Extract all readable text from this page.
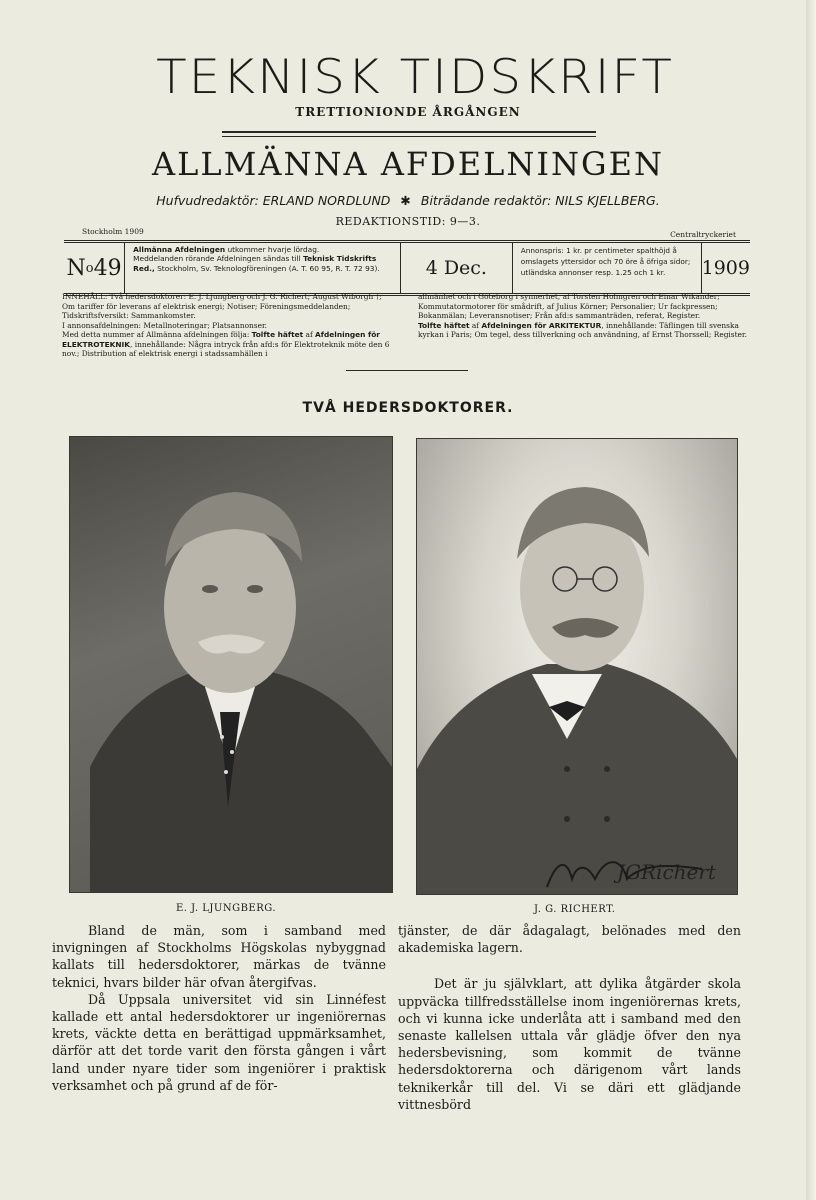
TEKNISK TIDSKRIFT
TRETTIONIONDE ÅRGÅNGEN
ALLMÄNNA AFDELNINGEN
Hufvudredaktör: ERLAND NORDLUND ✱ Biträdande redaktör: NILS KJELLBERG.
REDAKTIONSTID: 9—3.
Stockholm 1909	Centraltryckeriet
N o 49
Allmänna Afdelningen utkommer hvarje lördag.
Meddelanden rörande Afdelningen sändas till Teknisk Tidskrifts Red., Stockholm, Sv. Teknologföreningen (A. T. 60 95, R. T. 72 93).	4 Dec.
Annonspris: 1 kr. pr centimeter spalthöjd å omslagets yttersidor och 70 öre å öfriga sidor; utländska annonser resp. 1.25 och 1 kr.	1909
INNEHÅLL: Två hedersdoktorer: E. J. Ljungberg och J. G. Richert; August Wiborgh †; Om tariffer för leverans af elektrisk energi; Notiser; Föreningsmeddelanden; Tidskriftsfversikt: Sammankomster.
I annonsafdelningen: Metallnoteringar; Platsannonser.
Med detta nummer af Allmänna afdelningen följa: Tolfte häftet af Afdelningen för ELEKTROTEKNIK, innehållande: Några intryck från afd:s för Elektroteknik möte den 6 nov.; Distribution af elektrisk energi i stadssamhällen i
allmänhet och i Göteborg i synnerhet, af Torsten Holmgren och Einar Wikander; Kommutatormotorer för smådrift, af Julius Körner; Personalier; Ur fackpressen; Bokanmälan; Leveransnotiser; Från afd:s sammanträden, referat, Register.
Tolfte häftet af Afdelningen för ARKITEKTUR, innehållande: Täflingen till svenska kyrkan i Paris; Om tegel, dess tillverkning och användning, af Ernst Thorssell; Register.
TVÅ HEDERSDOKTORER.
JGRichert
E. J. LJUNGBERG.	J. G. RICHERT.

Bland de män, som i samband med invigningen af Stockholms Högskolas nybyggnad kallats till hedersdoktorer, märkas de tvänne teknici, hvars bilder här ofvan återgifvas.

Då Uppsala universitet vid sin Linnéfest kallade ett antal hedersdoktorer ur ingeniörernas krets, väckte detta en berättigad uppmärksamhet, därför att det torde varit den första gången i vårt land under nyare tider som ingeniörer i praktisk verksamhet och på grund af de för-

tjänster, de där ådagalagt, belönades med den akademiska lagern.

Det är ju självklart, att dylika åtgärder skola uppväcka tillfredsställelse inom ingeniörernas krets, och vi kunna icke underlåta att i samband med den senaste kallelsen uttala vår glädje öfver den nya hedersbevisning, som kommit de tvänne hedersdoktorerna och därigenom vårt lands teknikerkår till del. Vi se däri ett glädjande vittnesbörd
